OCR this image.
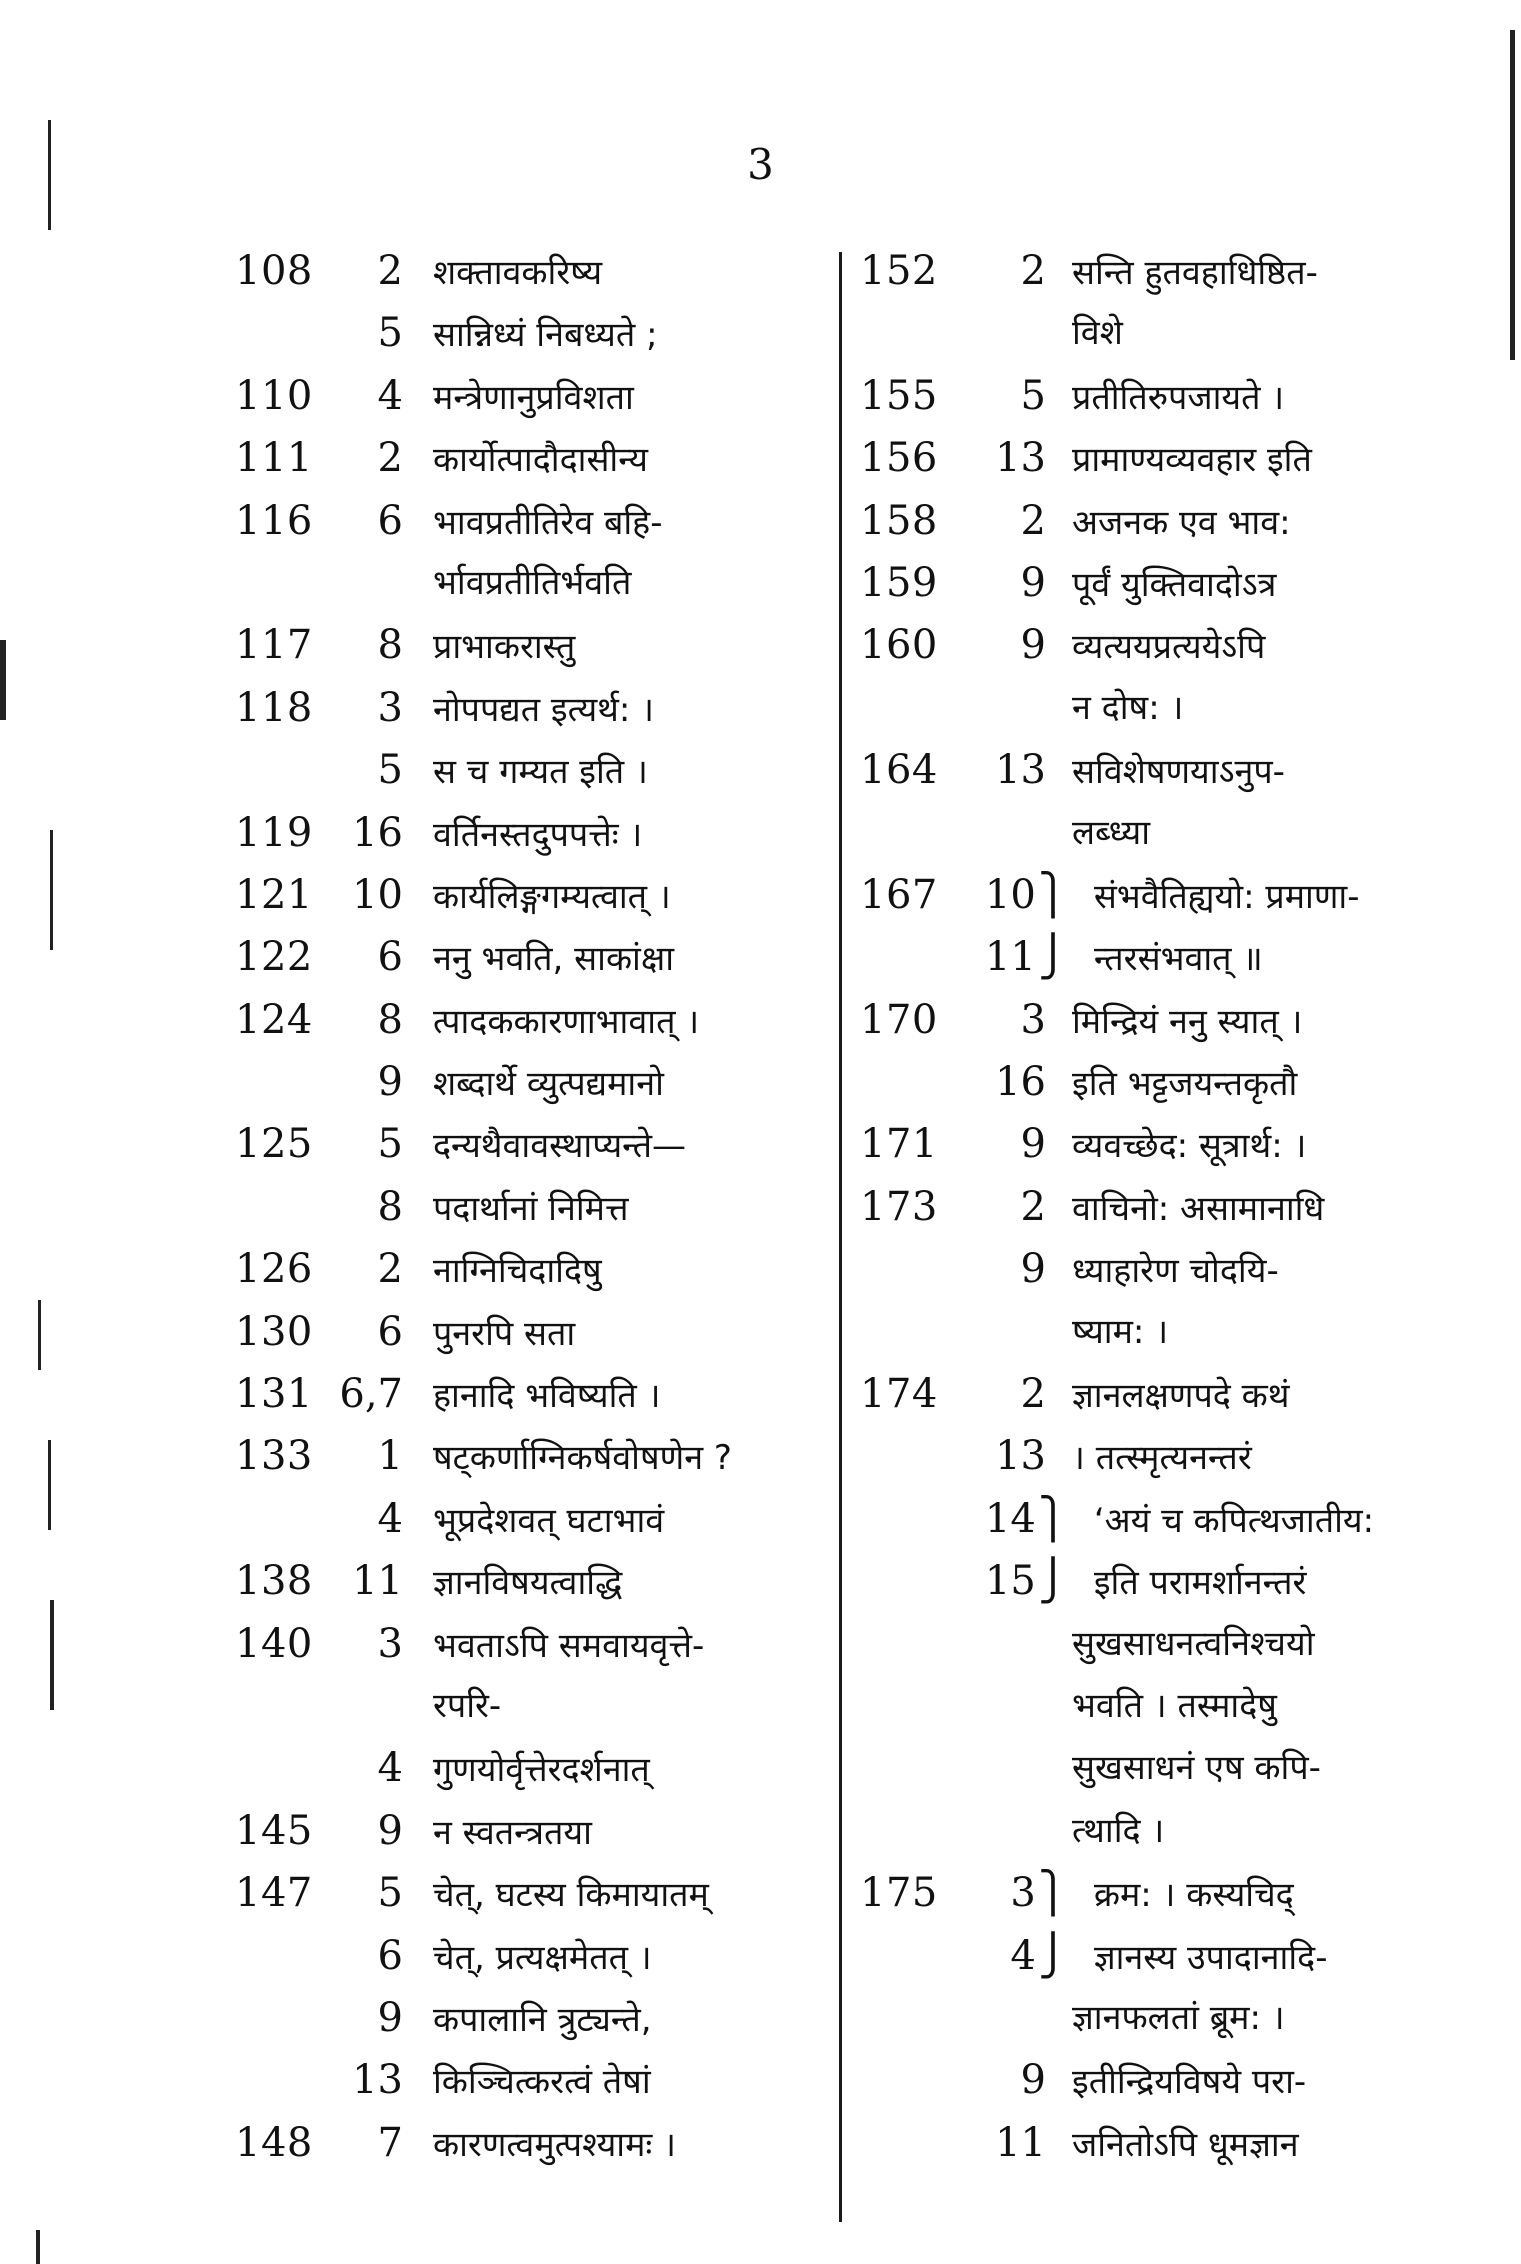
3
108	2 शक्तावकरिष्य
5 सान्निध्यं निबध्यते ;
110	4 मन्त्रेणानुप्रविशता
111	2 कार्योत्पादौदासीन्य
116	6 भावप्रतीतिरेव बहि-
र्भावप्रतीतिर्भवति
117	8 प्राभाकरास्तु
118	3 नोपपद्यत इत्यर्थ: ।
5 स च गम्यत इति ।
119 16 वर्तिनस्तदुपपत्तेः ।
121 10 कार्यलिङ्गगम्यत्वात् ।
122	6 ननु भवति, साकांक्षा
124	8 त्पादककारणाभावात् ।
9 शब्दार्थे व्युत्पद्यमानो
125	5 दन्यथैवावस्थाप्यन्ते—
8 पदार्थानां निमित्त
126	2 नाग्निचिदादिषु
130	6 पुनरपि सता
131 6,7 हानादि भविष्यति ।
133	1 षट्कर्णाग्निकर्षवोषणेन ?
4 भूप्रदेशवत् घटाभावं
138 11 ज्ञानविषयत्वाद्धि
140	3 भवताऽपि समवायवृत्ते-
रपरि-
4 गुणयोर्वृत्तेरदर्शनात्
145	9 न स्वतन्त्रतया
147	5 चेत्, घटस्य किमायातम्
6 चेत्, प्रत्यक्षमेतत् ।
9 कपालानि त्रुट्यन्ते,
13 किञ्चित्करत्वं तेषां
148	7 कारणत्वमुत्पश्यामः ।
152	2 सन्ति हुतवहाधिष्ठित-
विशे
155	5 प्रतीतिरुपजायते ।
156	13 प्रामाण्यव्यवहार इति
158	2 अजनक एव भाव:
159	9 पूर्वं युक्तिवादोऽत्र
160	9 व्यत्ययप्रत्ययेऽपि
न दोष: ।
164	13 सविशेषणयाऽनुप-
लब्ध्या
167	10 ⎫ संभवैतिह्ययो: प्रमाणा-
11 ⎭ न्तरसंभवात् ॥
170	3 मिन्द्रियं ननु स्यात् ।
16 इति भट्टजयन्तकृतौ
171	9 व्यवच्छेद: सूत्रार्थ: ।
173	2 वाचिनो: असामानाधि
9 ध्याहारेण चोदयि-
ष्याम: ।
174	2 ज्ञानलक्षणपदे कथं
13 । तत्स्मृत्यनन्तरं
14 ⎫ ‘अयं च कपित्थजातीय:
15 ⎭ इति परामर्शानन्तरं
सुखसाधनत्वनिश्चयो
भवति । तस्मादेषु
सुखसाधनं एष कपि-
त्थादि ।
175	3 ⎫ क्रम: । कस्यचिद्
4 ⎭ ज्ञानस्य उपादानादि-
ज्ञानफलतां ब्रूम: ।
9 इतीन्द्रियविषये परा-
11 जनितोऽपि धूमज्ञान
